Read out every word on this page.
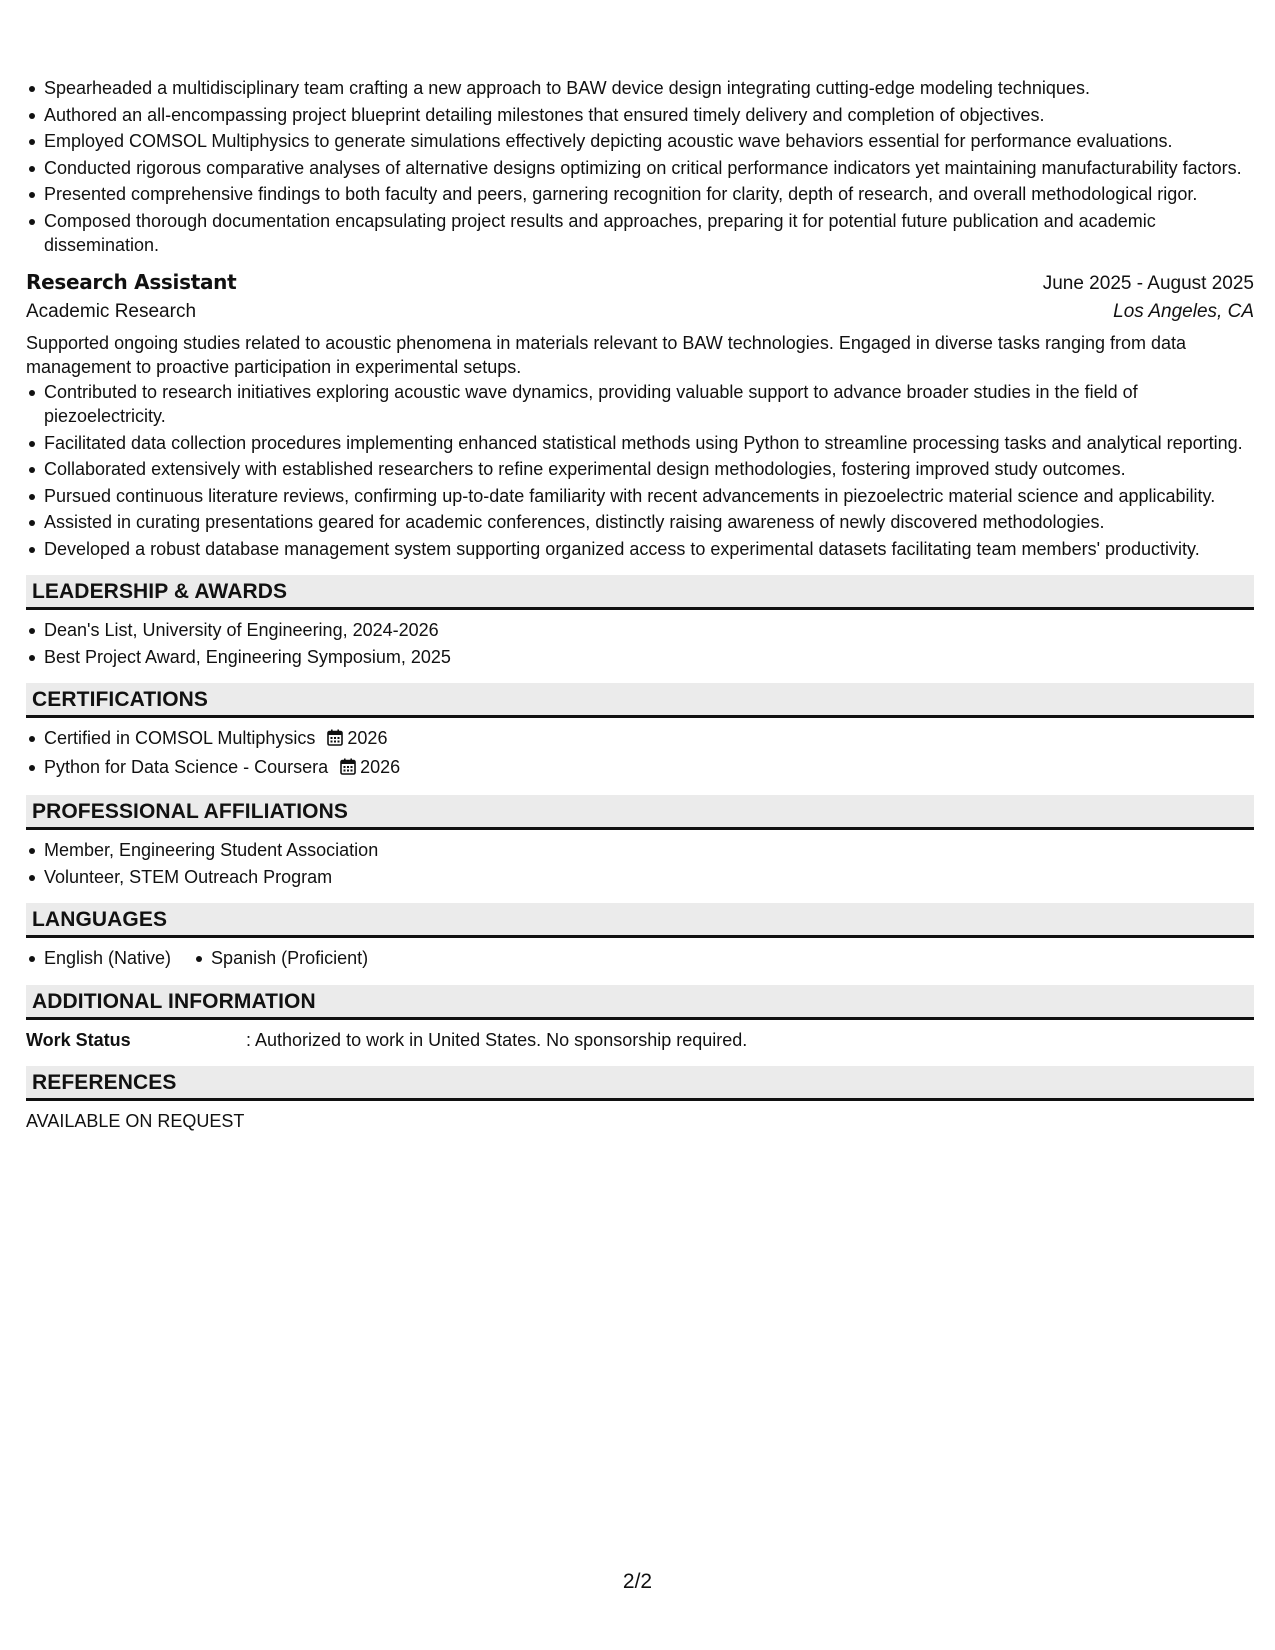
Spearheaded a multidisciplinary team crafting a new approach to BAW device design integrating cutting-edge modeling techniques.
Authored an all-encompassing project blueprint detailing milestones that ensured timely delivery and completion of objectives.
Employed COMSOL Multiphysics to generate simulations effectively depicting acoustic wave behaviors essential for performance evaluations.
Conducted rigorous comparative analyses of alternative designs optimizing on critical performance indicators yet maintaining manufacturability factors.
Presented comprehensive findings to both faculty and peers, garnering recognition for clarity, depth of research, and overall methodological rigor.
Composed thorough documentation encapsulating project results and approaches, preparing it for potential future publication and academic dissemination.
Research Assistant	June 2025 - August 2025
Academic Research	Los Angeles, CA
Supported ongoing studies related to acoustic phenomena in materials relevant to BAW technologies. Engaged in diverse tasks ranging from data management to proactive participation in experimental setups.
Contributed to research initiatives exploring acoustic wave dynamics, providing valuable support to advance broader studies in the field of piezoelectricity.
Facilitated data collection procedures implementing enhanced statistical methods using Python to streamline processing tasks and analytical reporting.
Collaborated extensively with established researchers to refine experimental design methodologies, fostering improved study outcomes.
Pursued continuous literature reviews, confirming up-to-date familiarity with recent advancements in piezoelectric material science and applicability.
Assisted in curating presentations geared for academic conferences, distinctly raising awareness of newly discovered methodologies.
Developed a robust database management system supporting organized access to experimental datasets facilitating team members' productivity.
LEADERSHIP & AWARDS
Dean's List, University of Engineering, 2024-2026
Best Project Award, Engineering Symposium, 2025
CERTIFICATIONS
Certified in COMSOL Multiphysics 2026
Python for Data Science - Coursera 2026
PROFESSIONAL AFFILIATIONS
Member, Engineering Student Association
Volunteer, STEM Outreach Program
LANGUAGES
English (Native) Spanish (Proficient)
ADDITIONAL INFORMATION
Work Status	: Authorized to work in United States. No sponsorship required.
REFERENCES
AVAILABLE ON REQUEST
2/2
